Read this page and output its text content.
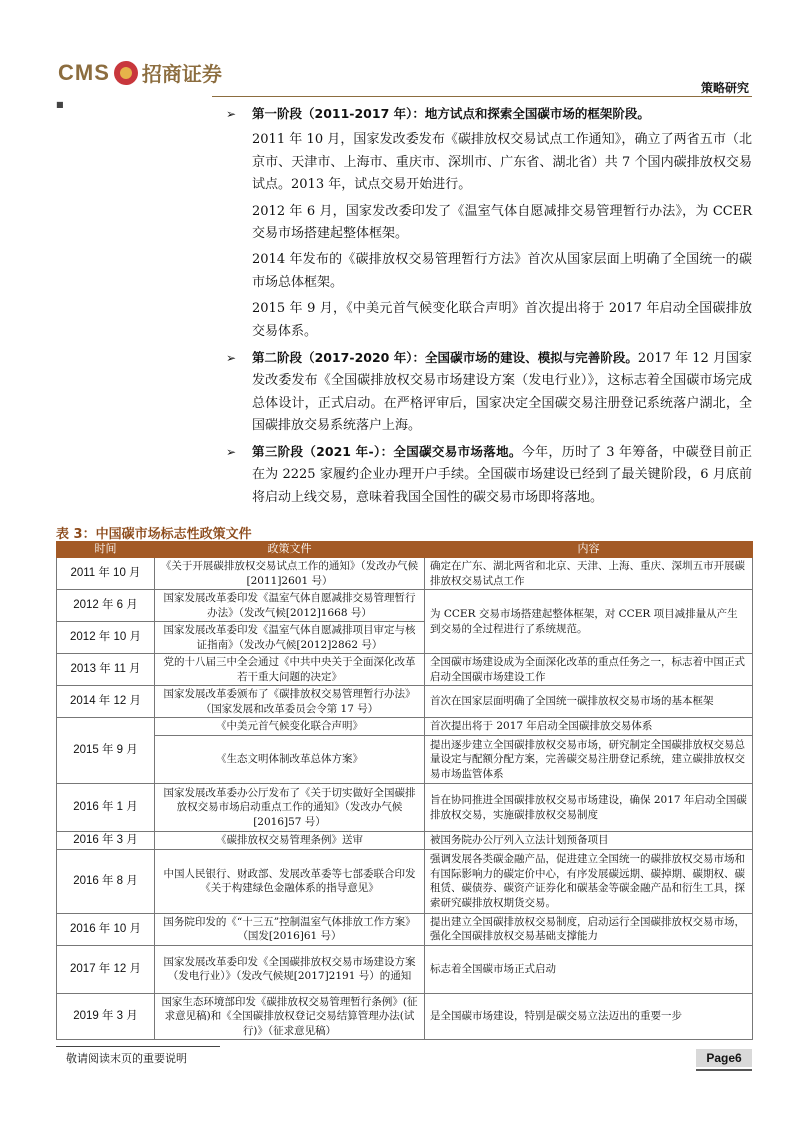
CMS 招商证券
策略研究
■
➢	第一阶段（2011-2017 年）：地方试点和探索全国碳市场的框架阶段。
2011 年 10 月，国家发改委发布《碳排放权交易试点工作通知》，确立了两省五市（北京市、天津市、上海市、重庆市、深圳市、广东省、湖北省）共 7 个国内碳排放权交易试点。2013 年，试点交易开始进行。
2012 年 6 月，国家发改委印发了《温室气体自愿减排交易管理暂行办法》，为 CCER 交易市场搭建起整体框架。
2014 年发布的《碳排放权交易管理暂行方法》首次从国家层面上明确了全国统一的碳市场总体框架。
2015 年 9 月，《中美元首气候变化联合声明》首次提出将于 2017 年启动全国碳排放交易体系。
➢	第二阶段（2017-2020 年）：全国碳市场的建设、模拟与完善阶段。2017 年 12 月国家发改委发布《全国碳排放权交易市场建设方案（发电行业）》，这标志着全国碳市场完成总体设计，正式启动。在严格评审后，国家决定全国碳交易注册登记系统落户湖北，全国碳排放交易系统落户上海。
➢	第三阶段（2021 年-）：全国碳交易市场落地。今年，历时了 3 年筹备，中碳登目前正在为 2225 家履约企业办理开户手续。全国碳市场建设已经到了最关键阶段，6 月底前将启动上线交易，意味着我国全国性的碳交易市场即将落地。
表 3：中国碳市场标志性政策文件
时间	政策文件	内容
2011 年 10 月	《关于开展碳排放权交易试点工作的通知》（发改办气候[2011]2601 号）	确定在广东、湖北两省和北京、天津、上海、重庆、深圳五市开展碳排放权交易试点工作
2012 年 6 月	国家发展改革委印发《温室气体自愿减排交易管理暂行办法》（发改气候[2012]1668 号）	为 CCER 交易市场搭建起整体框架，对 CCER 项目减排量从产生到交易的全过程进行了系统规范。
2012 年 10 月	国家发展改革委印发《温室气体自愿减排项目审定与核证指南》（发改办气候[2012]2862 号）	
2013 年 11 月	党的十八届三中全会通过《中共中央关于全面深化改革若干重大问题的决定》	全国碳市场建设成为全面深化改革的重点任务之一，标志着中国正式启动全国碳市场建设工作
2014 年 12 月	国家发展改革委颁布了《碳排放权交易管理暂行办法》（国家发展和改革委员会令第 17 号）	首次在国家层面明确了全国统一碳排放权交易市场的基本框架
2015 年 9 月	《中美元首气候变化联合声明》	首次提出将于 2017 年启动全国碳排放交易体系
	《生态文明体制改革总体方案》	提出逐步建立全国碳排放权交易市场，研究制定全国碳排放权交易总量设定与配额分配方案，完善碳交易注册登记系统，建立碳排放权交易市场监管体系
2016 年 1 月	国家发展改革委办公厅发布了《关于切实做好全国碳排放权交易市场启动重点工作的通知》（发改办气候[2016]57 号）	旨在协同推进全国碳排放权交易市场建设，确保 2017 年启动全国碳排放权交易，实施碳排放权交易制度
2016 年 3 月	《碳排放权交易管理条例》送审	被国务院办公厅列入立法计划预备项目
2016 年 8 月	中国人民银行、财政部、发展改革委等七部委联合印发《关于构建绿色金融体系的指导意见》	强调发展各类碳金融产品，促进建立全国统一的碳排放权交易市场和有国际影响力的碳定价中心，有序发展碳远期、碳掉期、碳期权、碳租赁、碳债券、碳资产证券化和碳基金等碳金融产品和衍生工具，探索研究碳排放权期货交易。
2016 年 10 月	国务院印发的《“十三五”控制温室气体排放工作方案》（国发[2016]61 号）	提出建立全国碳排放权交易制度，启动运行全国碳排放权交易市场，强化全国碳排放权交易基础支撑能力
2017 年 12 月	国家发展改革委印发《全国碳排放权交易市场建设方案（发电行业）》（发改气候规[2017]2191 号）的通知	标志着全国碳市场正式启动
2019 年 3 月	国家生态环境部印发《碳排放权交易管理暂行条例》(征求意见稿)和《全国碳排放权登记交易结算管理办法(试行)》（征求意见稿）	是全国碳市场建设，特别是碳交易立法迈出的重要一步
敬请阅读末页的重要说明	Page6
